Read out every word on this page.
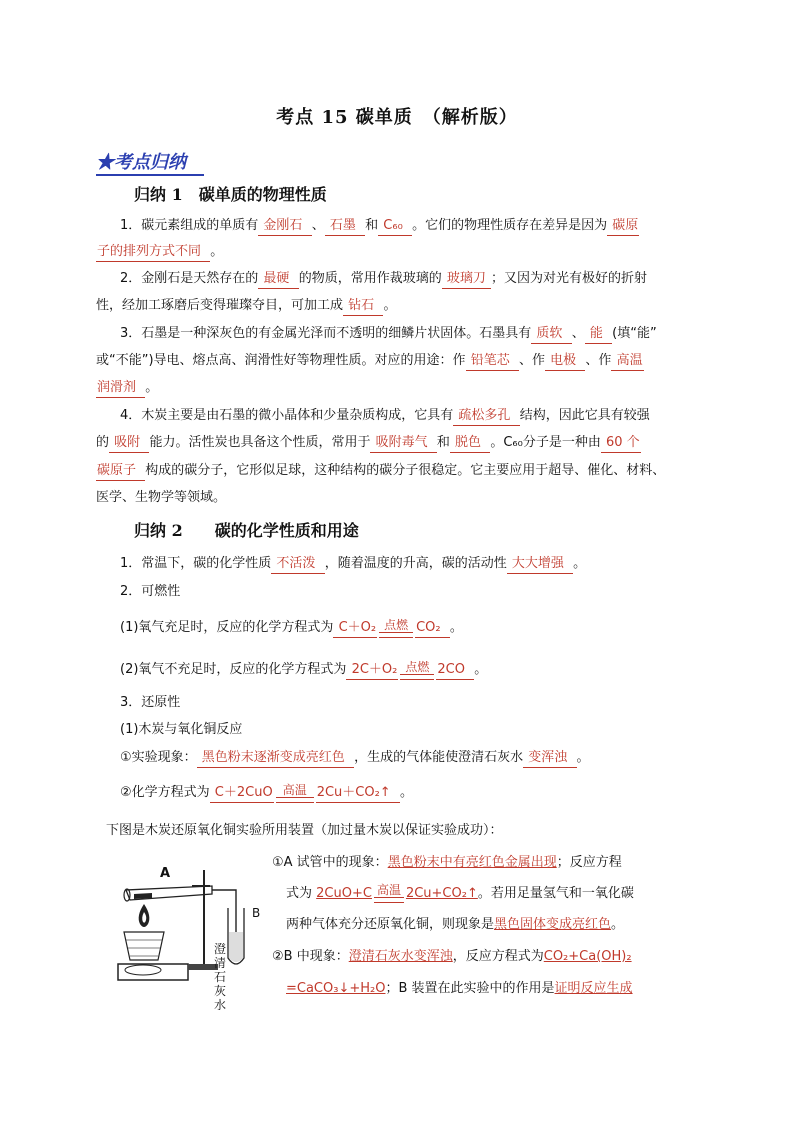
考点 15 碳单质　（解析版）
★考点归纳
归纳 1　碳单质的物理性质
1．碳元素组成的单质有 金刚石 、 石墨 和 C₆₀ 。它们的物理性质存在差异是因为 碳原
子的排列方式不同 。
2．金刚石是天然存在的 最硬 的物质，常用作裁玻璃的 玻璃刀 ；又因为对光有极好的折射
性，经加工琢磨后变得璀璨夺目，可加工成 钻石 。
3．石墨是一种深灰色的有金属光泽而不透明的细鳞片状固体。石墨具有 质软 、 能 (填“能”
或“不能”)导电、熔点高、润滑性好等物理性质。对应的用途：作 铅笔芯 、作 电极 、作 高温
润滑剂 。
4．木炭主要是由石墨的微小晶体和少量杂质构成，它具有 疏松多孔 结构，因此它具有较强
的 吸附 能力。活性炭也具备这个性质，常用于 吸附毒气 和 脱色 。C₆₀分子是一种由 60 个
碳原子 构成的碳分子，它形似足球，这种结构的碳分子很稳定。它主要应用于超导、催化、材料、
医学、生物学等领域。
归纳 2　　碳的化学性质和用途
1．常温下，碳的化学性质 不活泼 ，随着温度的升高，碳的活动性 大大增强 。
2．可燃性
(1)氧气充足时，反应的化学方程式为 C＋O₂ 点燃 CO₂ 。
(2)氧气不充足时，反应的化学方程式为 2C＋O₂ 点燃 2CO 。
3．还原性
(1)木炭与氧化铜反应
①实验现象： 黑色粉末逐渐变成亮红色 ，生成的气体能使澄清石灰水 变浑浊 。
②化学方程式为 C＋2CuO 高温 2Cu＋CO₂↑ 。
下图是木炭还原氧化铜实验所用装置（加过量木炭以保证实验成功）：
A
B
澄清石灰水
①A 试管中的现象：黑色粉末中有亮红色金属出现；反应方程
式为 2CuO+C 高温 2Cu+CO₂↑。若用足量氢气和一氧化碳
两种气体充分还原氧化铜，则现象是黑色固体变成亮红色。
②B 中现象：澄清石灰水变浑浊，反应方程式为CO₂+Ca(OH)₂
=CaCO₃↓+H₂O；B 装置在此实验中的作用是证明反应生成
